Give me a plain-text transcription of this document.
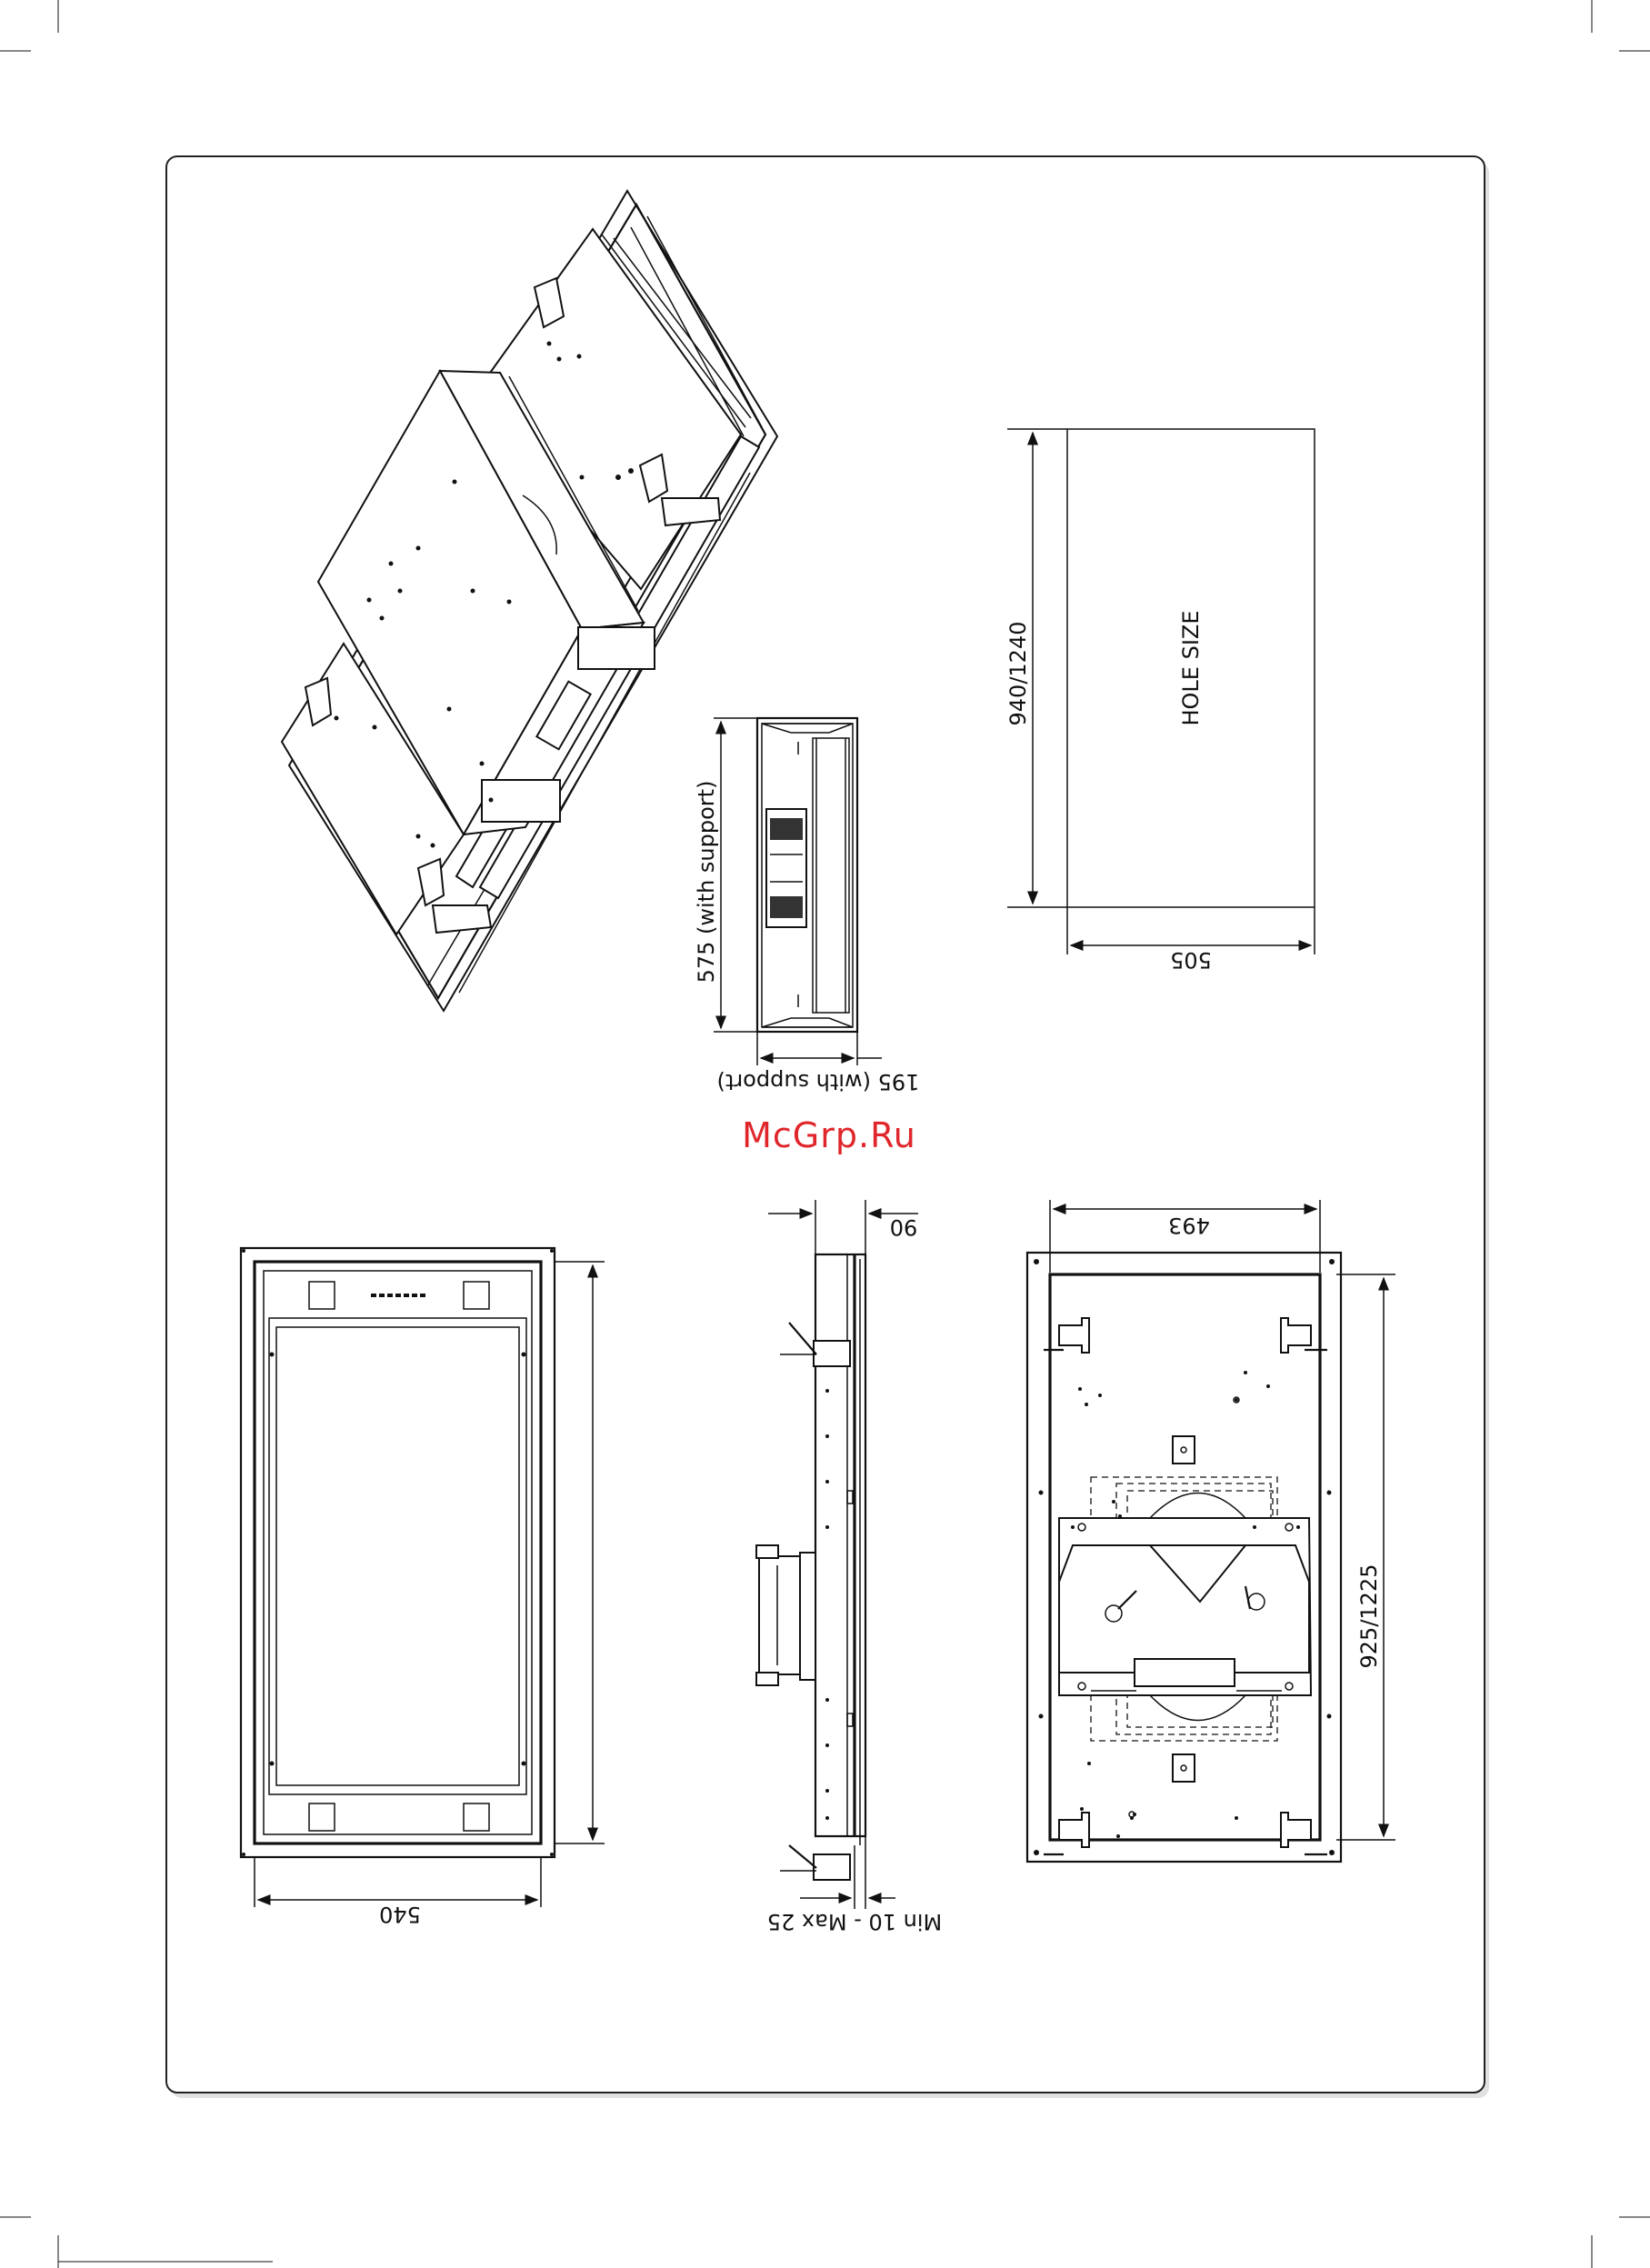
HOLE SIZE
940/1240
505
575 (with support)
195 (with support)
McGrp.Ru
540
90
Min 10 - Max 25
493
925/1225
